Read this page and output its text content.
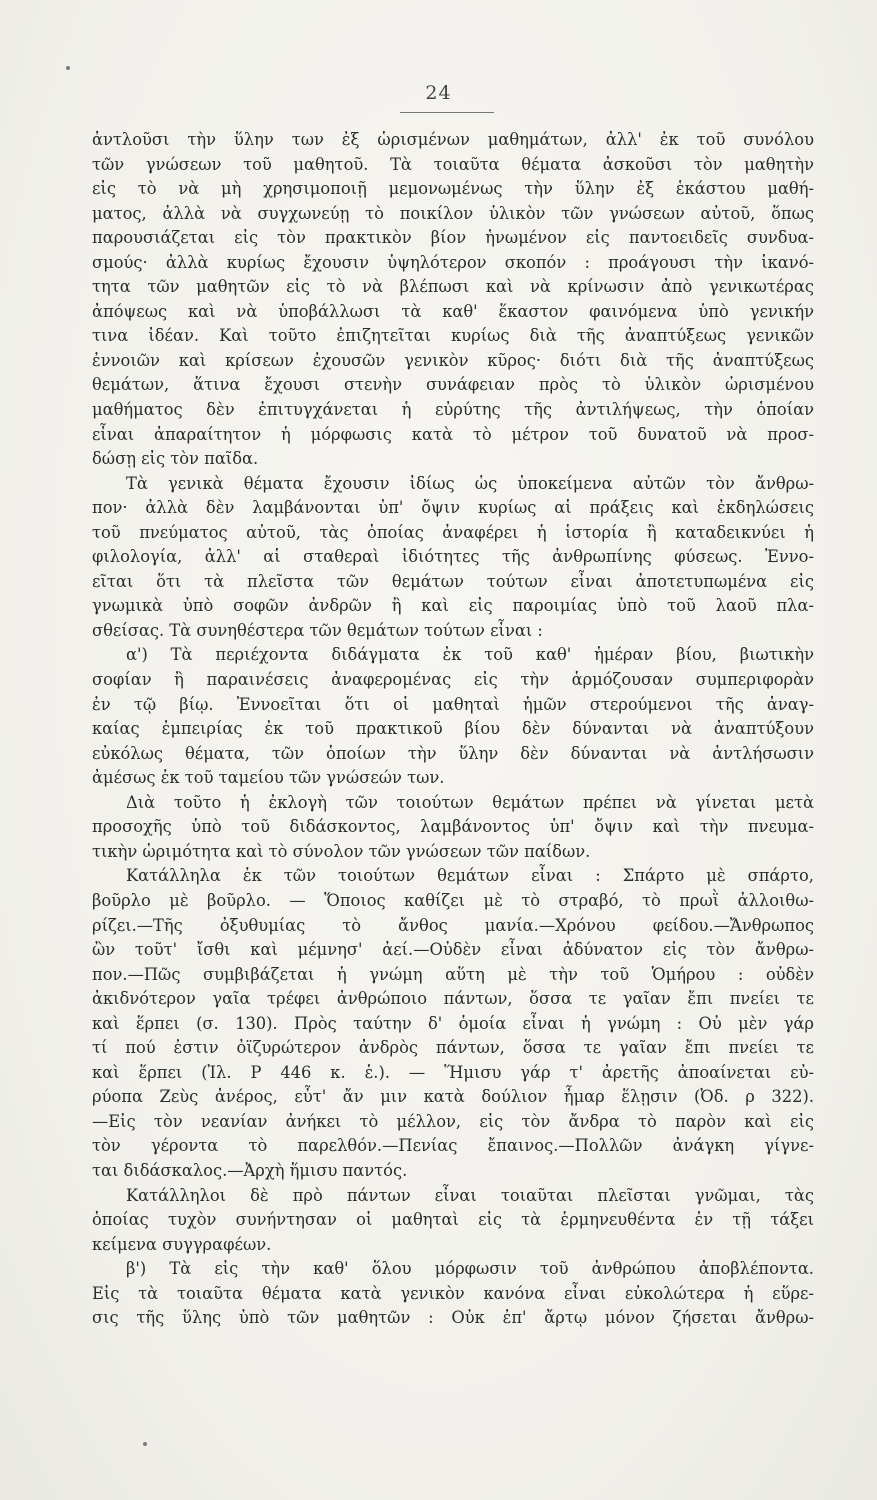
24
ἀντλοῦσι τὴν ὕλην των ἐξ ὡρισμένων μαθημάτων, ἀλλ' ἐκ τοῦ συνόλου
τῶν γνώσεων τοῦ μαθητοῦ. Τὰ τοιαῦτα θέματα ἀσκοῦσι τὸν μαθητὴν
εἰς τὸ νὰ μὴ χρησιμοποιῇ μεμονωμένως τὴν ὕλην ἐξ ἑκάστου μαθή-
ματος, ἀλλὰ νὰ συγχωνεύῃ τὸ ποικίλον ὑλικὸν τῶν γνώσεων αὐτοῦ, ὅπως
παρουσιάζεται εἰς τὸν πρακτικὸν βίον ἡνωμένον εἰς παντοειδεῖς συνδυα-
σμούς· ἀλλὰ κυρίως ἔχουσιν ὑψηλότερον σκοπόν : προάγουσι τὴν ἱκανό-
τητα τῶν μαθητῶν εἰς τὸ νὰ βλέπωσι καὶ νὰ κρίνωσιν ἀπὸ γενικωτέρας
ἀπόψεως καὶ νὰ ὑποβάλλωσι τὰ καθ' ἕκαστον φαινόμενα ὑπὸ γενικήν
τινα ἰδέαν. Καὶ τοῦτο ἐπιζητεῖται κυρίως διὰ τῆς ἀναπτύξεως γενικῶν
ἐννοιῶν καὶ κρίσεων ἐχουσῶν γενικὸν κῦρος· διότι διὰ τῆς ἀναπτύξεως
θεμάτων, ἅτινα ἔχουσι στενὴν συνάφειαν πρὸς τὸ ὑλικὸν ὡρισμένου
μαθήματος δὲν ἐπιτυγχάνεται ἡ εὐρύτης τῆς ἀντιλήψεως, τὴν ὁποίαν
εἶναι ἀπαραίτητον ἡ μόρφωσις κατὰ τὸ μέτρον τοῦ δυνατοῦ νὰ προσ-
δώσῃ εἰς τὸν παῖδα.
Τὰ γενικὰ θέματα ἔχουσιν ἰδίως ὡς ὑποκείμενα αὐτῶν τὸν ἄνθρω-
πον· ἀλλὰ δὲν λαμβάνονται ὑπ' ὄψιν κυρίως αἱ πράξεις καὶ ἐκδηλώσεις
τοῦ πνεύματος αὐτοῦ, τὰς ὁποίας ἀναφέρει ἡ ἱστορία ἢ καταδεικνύει ἡ
φιλολογία, ἀλλ' αἱ σταθεραὶ ἰδιότητες τῆς ἀνθρωπίνης φύσεως. Ἐννο-
εῖται ὅτι τὰ πλεῖστα τῶν θεμάτων τούτων εἶναι ἀποτετυπωμένα εἰς
γνωμικὰ ὑπὸ σοφῶν ἀνδρῶν ἢ καὶ εἰς παροιμίας ὑπὸ τοῦ λαοῦ πλα-
σθείσας. Τὰ συνηθέστερα τῶν θεμάτων τούτων εἶναι :
α') Τὰ περιέχοντα διδάγματα ἐκ τοῦ καθ' ἡμέραν βίου, βιωτικὴν
σοφίαν ἢ παραινέσεις ἀναφερομένας εἰς τὴν ἁρμόζουσαν συμπεριφορὰν
ἐν τῷ βίῳ. Ἐννοεῖται ὅτι οἱ μαθηταὶ ἡμῶν στερούμενοι τῆς ἀναγ-
καίας ἐμπειρίας ἐκ τοῦ πρακτικοῦ βίου δὲν δύνανται νὰ ἀναπτύξουν
εὐκόλως θέματα, τῶν ὁποίων τὴν ὕλην δὲν δύνανται νὰ ἀντλήσωσιν
ἀμέσως ἐκ τοῦ ταμείου τῶν γνώσεών των.
Διὰ τοῦτο ἡ ἐκλογὴ τῶν τοιούτων θεμάτων πρέπει νὰ γίνεται μετὰ
προσοχῆς ὑπὸ τοῦ διδάσκοντος, λαμβάνοντος ὑπ' ὄψιν καὶ τὴν πνευμα-
τικὴν ὡριμότητα καὶ τὸ σύνολον τῶν γνώσεων τῶν παίδων.
Κατάλληλα ἐκ τῶν τοιούτων θεμάτων εἶναι : Σπάρτο μὲ σπάρτο,
βοῦρλο μὲ βοῦρλο. — Ὅποιος καθίζει μὲ τὸ στραβό, τὸ πρωῒ ἀλλοιθω-
ρίζει.—Τῆς ὀξυθυμίας τὸ ἄνθος μανία.—Χρόνου φείδου.—Ἄνθρωπος
ὢν τοῦτ' ἴσθι καὶ μέμνησ' ἀεί.—Οὐδὲν εἶναι ἀδύνατον εἰς τὸν ἄνθρω-
πον.—Πῶς συμβιβάζεται ἡ γνώμη αὕτη μὲ τὴν τοῦ Ὁμήρου : οὐδὲν
ἀκιδνότερον γαῖα τρέφει ἀνθρώποιο πάντων, ὅσσα τε γαῖαν ἔπι πνείει τε
καὶ ἕρπει (σ. 130). Πρὸς ταύτην δ' ὁμοία εἶναι ἡ γνώμη : Οὐ μὲν γάρ
τί πού ἐστιν ὀϊζυρώτερον ἀνδρὸς πάντων, ὅσσα τε γαῖαν ἔπι πνείει τε
καὶ ἕρπει (Ἰλ. Ρ 446 κ. ἑ.). — Ἥμισυ γάρ τ' ἀρετῆς ἀποαίνεται εὐ-
ρύοπα Ζεὺς ἀνέρος, εὖτ' ἄν μιν κατὰ δούλιον ἦμαρ ἕλῃσιν (Ὀδ. ρ 322).
—Εἰς τὸν νεανίαν ἀνήκει τὸ μέλλον, εἰς τὸν ἄνδρα τὸ παρὸν καὶ εἰς
τὸν γέροντα τὸ παρελθόν.—Πενίας ἔπαινος.—Πολλῶν ἀνάγκη γίγνε-
ται διδάσκαλος.—Ἀρχὴ ἥμισυ παντός.
Κατάλληλοι δὲ πρὸ πάντων εἶναι τοιαῦται πλεῖσται γνῶμαι, τὰς
ὁποίας τυχὸν συνήντησαν οἱ μαθηταὶ εἰς τὰ ἑρμηνευθέντα ἐν τῇ τάξει
κείμενα συγγραφέων.
β') Τὰ εἰς τὴν καθ' ὅλου μόρφωσιν τοῦ ἀνθρώπου ἀποβλέποντα.
Εἰς τὰ τοιαῦτα θέματα κατὰ γενικὸν κανόνα εἶναι εὐκολώτερα ἡ εὕρε-
σις τῆς ὕλης ὑπὸ τῶν μαθητῶν : Οὐκ ἐπ' ἄρτῳ μόνον ζήσεται ἄνθρω-
